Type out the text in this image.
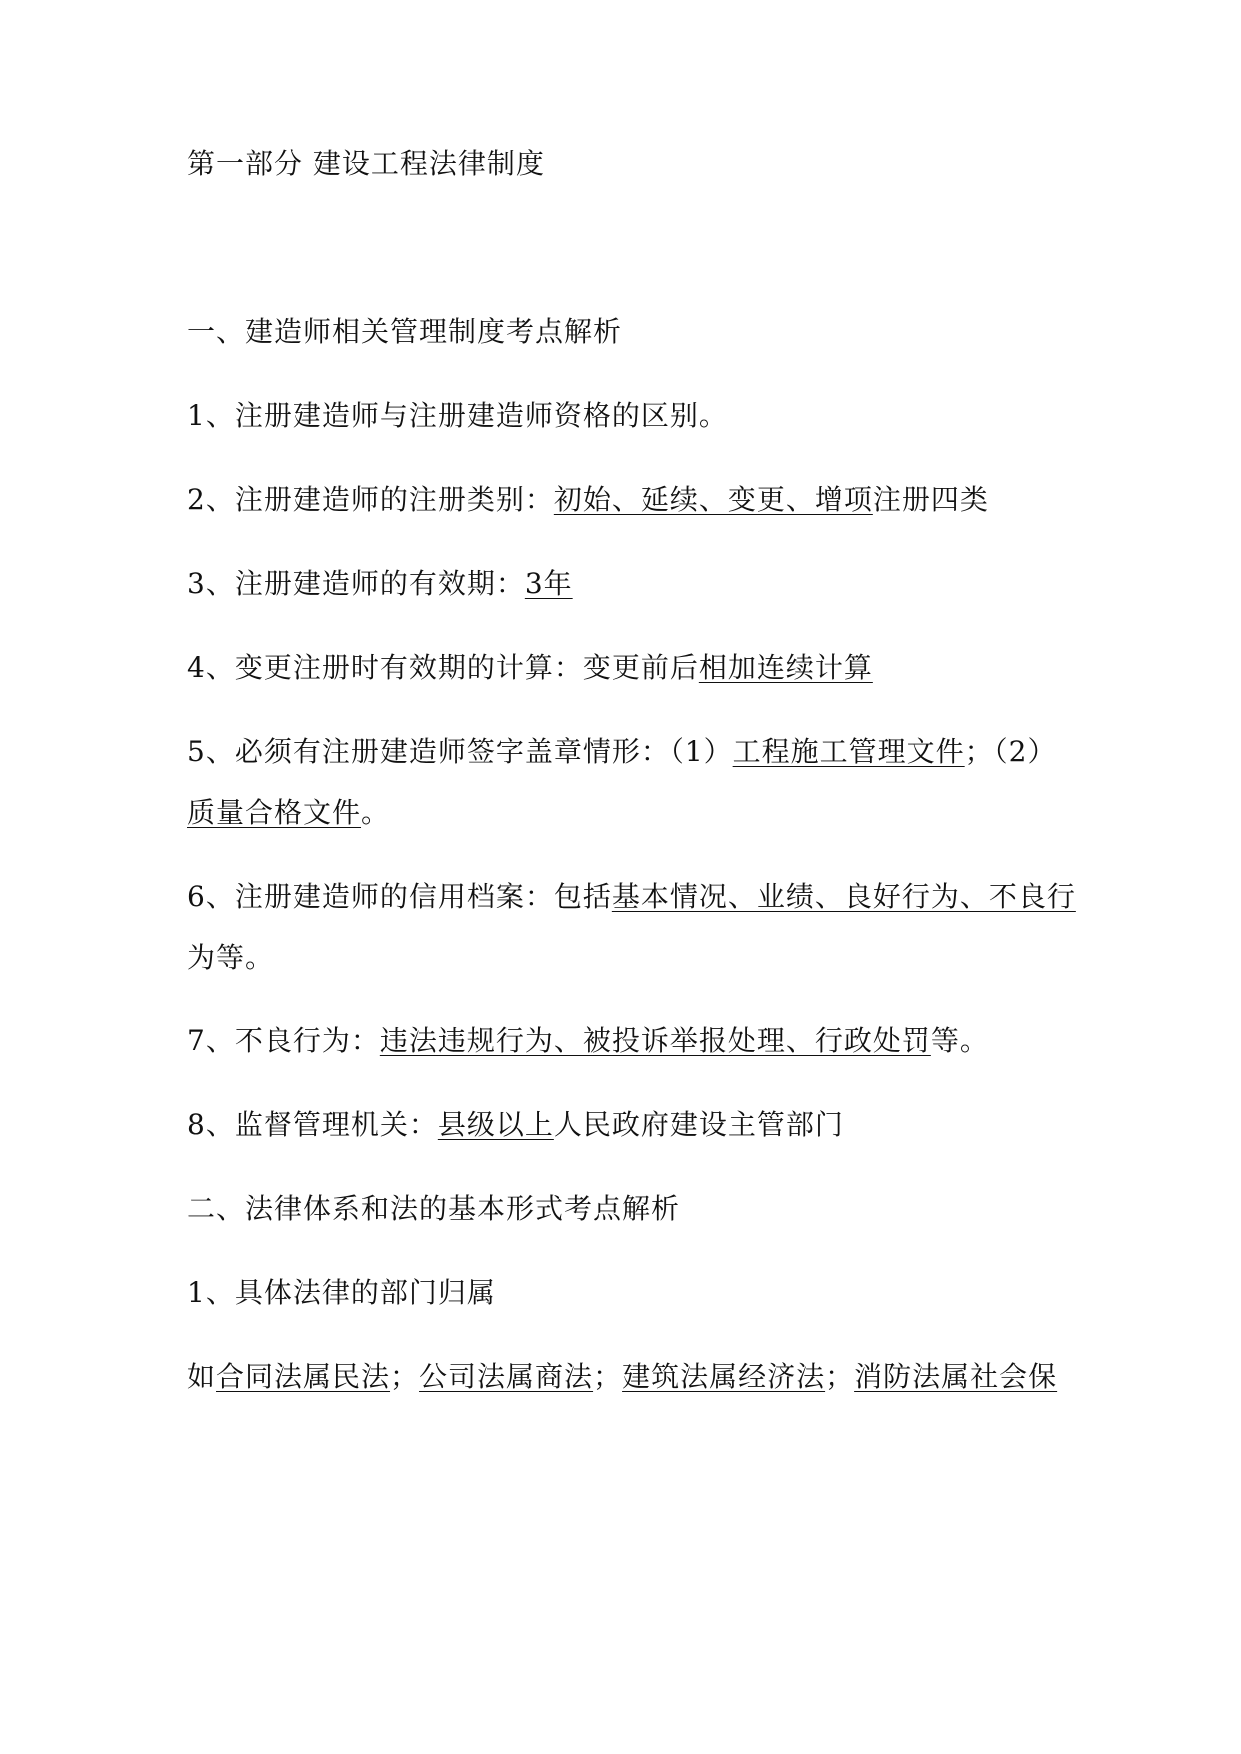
第一部分 建设工程法律制度

一、建造师相关管理制度考点解析

1、注册建造师与注册建造师资格的区别。

2、注册建造师的注册类别：初始、延续、变更、增项注册四类

3、注册建造师的有效期：3年

4、变更注册时有效期的计算：变更前后相加连续计算

5、必须有注册建造师签字盖章情形：（1）工程施工管理文件；（2）

质量合格文件。

6、注册建造师的信用档案：包括基本情况、业绩、良好行为、不良行

为等。

7、不良行为：违法违规行为、被投诉举报处理、行政处罚等。

8、监督管理机关：县级以上人民政府建设主管部门

二、法律体系和法的基本形式考点解析

1、具体法律的部门归属

如合同法属民法；公司法属商法；建筑法属经济法；消防法属社会保
